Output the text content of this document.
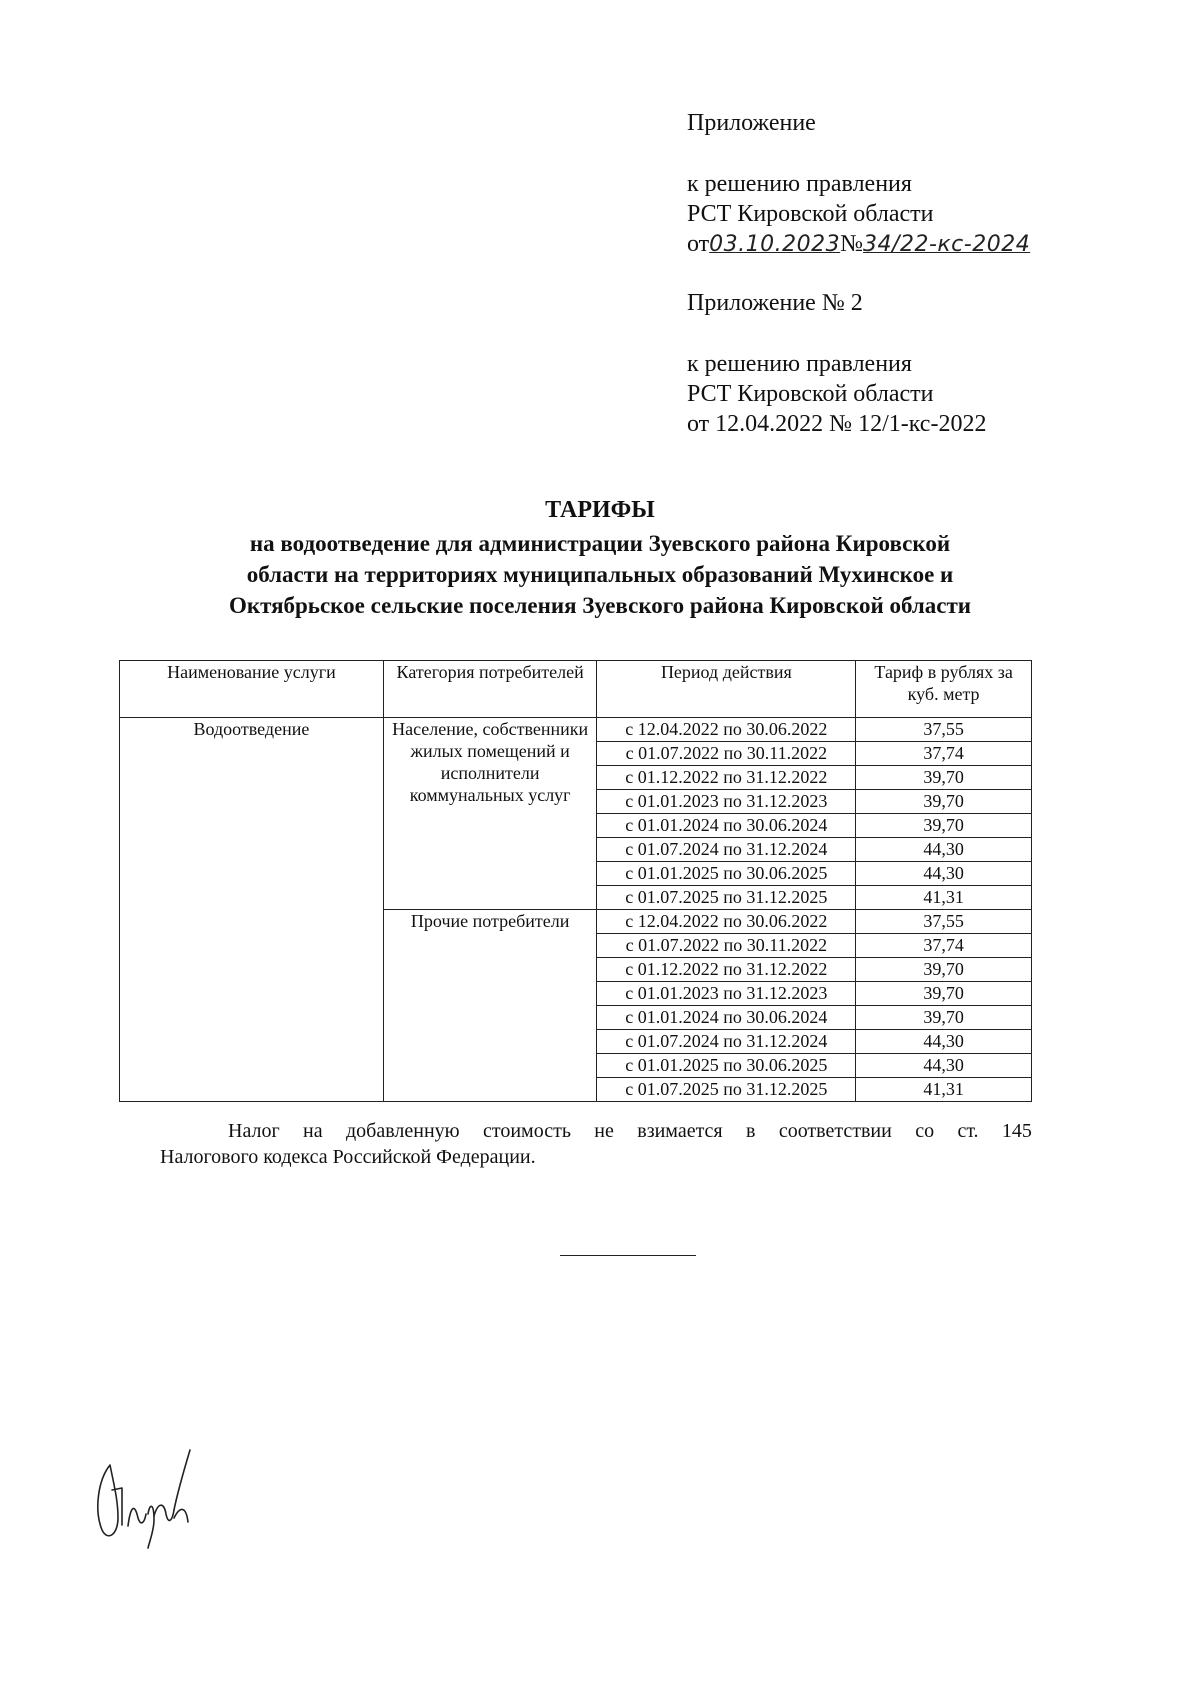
Приложение
к решению правления
РСТ Кировской области
от03.10.2023№34/22-кс-2024
Приложение № 2
к решению правления
РСТ Кировской области
от 12.04.2022 № 12/1-кс-2022
ТАРИФЫ
на водоотведение для администрации Зуевского района Кировской
области на территориях муниципальных образований Мухинское и
Октябрьское сельские поселения Зуевского района Кировской области
Наименование услуги	Категория потребителей	Период действия	Тариф в рублях за куб. метр
Водоотведение	Население, собственники жилых помещений и исполнители коммунальных услуг	с 12.04.2022 по 30.06.2022	37,55
		с 01.07.2022 по 30.11.2022	37,74
		с 01.12.2022 по 31.12.2022	39,70
		с 01.01.2023 по 31.12.2023	39,70
		с 01.01.2024 по 30.06.2024	39,70
		с 01.07.2024 по 31.12.2024	44,30
		с 01.01.2025 по 30.06.2025	44,30
		с 01.07.2025 по 31.12.2025	41,31
	Прочие потребители	с 12.04.2022 по 30.06.2022	37,55
		с 01.07.2022 по 30.11.2022	37,74
		с 01.12.2022 по 31.12.2022	39,70
		с 01.01.2023 по 31.12.2023	39,70
		с 01.01.2024 по 30.06.2024	39,70
		с 01.07.2024 по 31.12.2024	44,30
		с 01.01.2025 по 30.06.2025	44,30
		с 01.07.2025 по 31.12.2025	41,31
Налог на добавленную стоимость не взимается в соответствии со ст. 145
Налогового кодекса Российской Федерации.
